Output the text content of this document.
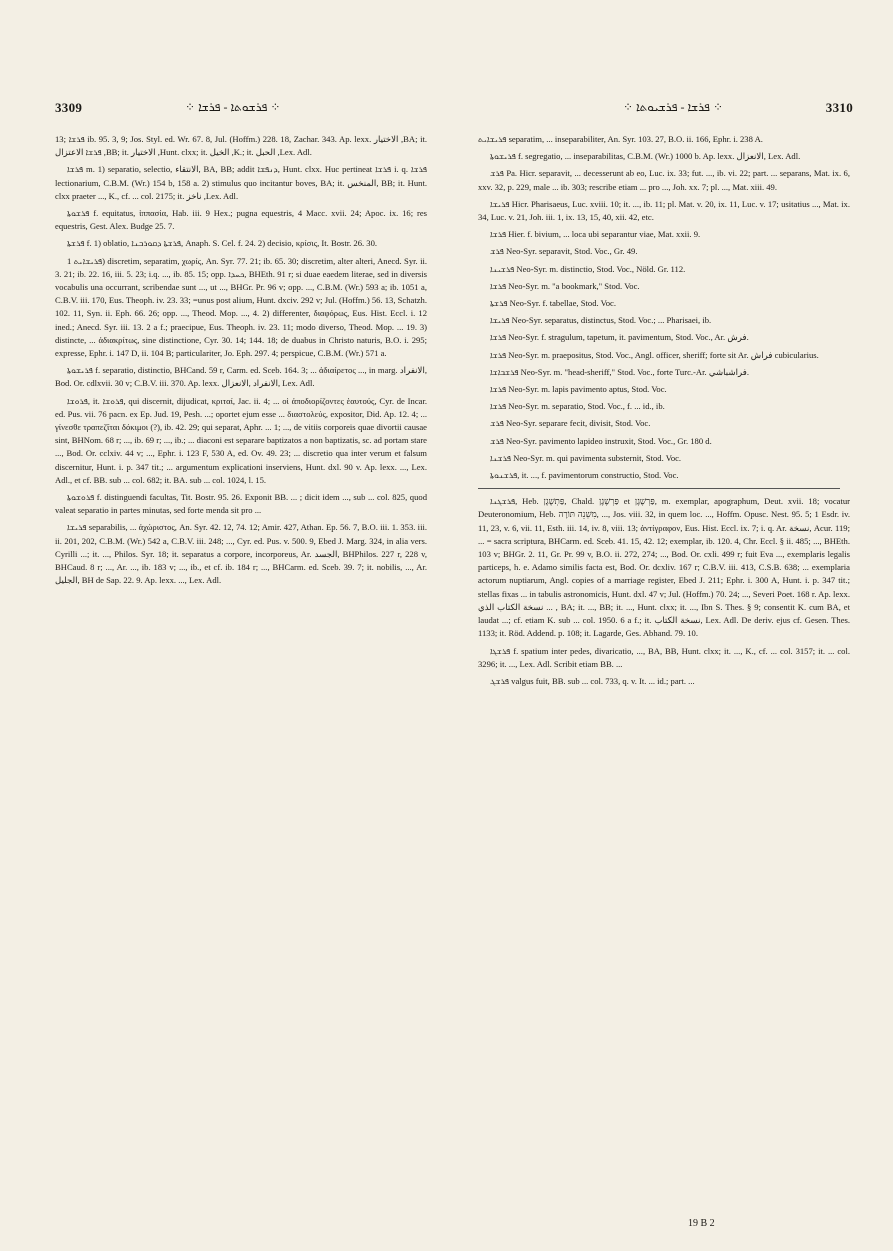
3309	⁘ ܦܪܫܘܬܐ - ܦܪܫܐ ⁘	⁘ ܦܪܫܐ - ܦܪܫܝܘܬܐ ⁘	3310

13; ܦܪܫܐ ib. 95. 3, 9; Jos. Styl. ed. Wr. 67. 8, Jul. (Hoffm.) 228. 18, Zachar. 343. Ap. lexx. الاختيار ,BA; it. ܦܪܫܐ الاعتزال ,BB; it. الاختيار ,Hunt. clxx; it. الخيل ,K.; it. الحبل ,Lex. Adl.

ܦܪܫܐ m. 1) separatio, selectio, الانتقاء, BA, BB; addit ܕܢܦܫܐ, Hunt. clxx. Huc pertineat ܦܪܫܐ i. q. ܦܪܫܐ lectionarium, C.B.M. (Wr.) 154 b, 158 a. 2) stimulus quo incitantur boves, BA; it. المنخس, BB; it. Hunt. clxx praeter ..., K., cf. ... col. 2175; it. ناخز ,Lex. Adl.

ܦܪܫܘܬܐ f. equitatus, ἱππασία, Hab. iii. 9 Hex.; pugna equestris, 4 Macc. xvii. 24; Apoc. ix. 16; res equestris, Gest. Alex. Budge 25. 7.

ܦܪܫܬܐ f. 1) oblatio, ܦܪܫܬܐ ܕܩܘܪܒܢܐ, Anaph. S. Cel. f. 24. 2) decisio, κρίσις, It. Bostr. 26. 30.

ܦܪܝܫܐܝܬ 1) discretim, separatim, χωρίς, An. Syr. 77. 21; ib. 65. 30; discretim, alter alteri, Anecd. Syr. ii. 3. 21; ib. 22. 16, iii. 5. 23; i.q. ..., ib. 85. 15; opp. ܟܚܕܐ, BHEth. 91 r; si duae eaedem literae, sed in diversis vocabulis una occurrant, scribendae sunt ..., ut ..., BHGr. Pr. 96 v; opp. ..., C.B.M. (Wr.) 593 a; ib. 1051 a, C.B.V. iii. 170, Eus. Theoph. iv. 23. 33; =unus post alium, Hunt. dxciv. 292 v; Jul. (Hoffm.) 56. 13, Schatzh. 102. 11, Syn. ii. Eph. 66. 26; opp. ..., Theod. Mop. ..., 4. 2) differenter, διαφόρως, Eus. Hist. Eccl. i. 12 ined.; Anecd. Syr. iii. 13. 2 a f.; praecipue, Eus. Theoph. iv. 23. 11; modo diverso, Theod. Mop. ... 19. 3) distincte, ... ἀδιακρίτως, sine distinctione, Cyr. 30. 14; 144. 18; de duabus in Christo naturis, B.O. i. 295; expresse, Ephr. i. 147 D, ii. 104 B; particulariter, Jo. Eph. 297. 4; perspicue, C.B.M. (Wr.) 571 a.

ܦܪܝܫܘܬܐ f. separatio, distinctio, BHCand. 59 r, Carm. ed. Sceb. 164. 3; ... ἀδιαίρετος ..., in marg. الانفراد, Bod. Or. cdlxvii. 30 v; C.B.V. iii. 370. Ap. lexx. الانفراد ,الانعزال, Lex. Adl.

ܦܪܘܫܐ, it. ܦܪܘܫܐ, qui discernit, dijudicat, κριταί, Jac. ii. 4; ... οἱ ἀποδιορίζοντες ἑαυτούς, Cyr. de Incar. ed. Pus. vii. 76 pacn. ex Ep. Jud. 19, Pesh. ...; oportet ejum esse ... διαστολεύς, expositor, Did. Ap. 12. 4; ... γίνεσθε τραπεζῖται δόκιμοι (?), ib. 42. 29; qui separat, Aphr. ... 1; ..., de vitiis corporeis quae divortii causae sint, BHNom. 68 r; ..., ib. 69 r; ..., ib.; ... diaconi est separare baptizatos a non baptizatis, sc. ad portam stare ..., Bod. Or. cclxiv. 44 v; ..., Ephr. i. 123 F, 530 A, ed. Ov. 49. 23; ... discretio qua inter verum et falsum discernitur, Hunt. i. p. 347 tit.; ... argumentum explicationi inserviens, Hunt. dxl. 90 v. Ap. lexx. ..., Lex. Adl., et cf. BB. sub ... col. 682; it. BA. sub ... col. 1024, l. 15.

ܦܪܘܫܘܬܐ f. distinguendi facultas, Tit. Bostr. 95. 26. Exponit BB. ... ; dicit idem ..., sub ... col. 825, quod valeat separatio in partes minutas, sed forte menda sit pro ...

ܦܪܝܫܐ separabilis, ... ἀχώριστος, An. Syr. 42. 12, 74. 12; Amir. 427, Athan. Ep. 56. 7, B.O. iii. 1. 353. iii. ii. 201, 202, C.B.M. (Wr.) 542 a, C.B.V. iii. 248; ..., Cyr. ed. Pus. v. 500. 9, Ebed J. Marg. 324, in alia vers. Cyrilli ...; it. ..., Philos. Syr. 18; it. separatus a corpore, incorporeus, Ar. الجسد, BHPhilos. 227 r, 228 v, BHCaud. 8 r; ..., Ar. ..., ib. 183 v; ..., ib., et cf. ib. 184 r; ..., BHCarm. ed. Sceb. 39. 7; it. nobilis, ..., Ar. الجليل, BH de Sap. 22. 9. Ap. lexx. ..., Lex. Adl.

ܦܪܝܫܐܝܬ separatim, ... inseparabiliter, An. Syr. 103. 27, B.O. ii. 166, Ephr. i. 238 A.

ܦܪܝܫܘܬܐ f. segregatio, ... inseparabilitas, C.B.M. (Wr.) 1000 b. Ap. lexx. الانعزال, Lex. Adl.

ܦܪܫ Pa. Hicr. separavit, ... decesserunt ab eo, Luc. ix. 33; fut. ..., ib. vi. 22; part. ... separans, Mat. ix. 6, xxv. 32, p. 229, male ... ib. 303; rescribe etiam ... pro ..., Joh. xx. 7; pl. ..., Mat. xiii. 49.

ܦܪܝܫܐ Hicr. Pharisaeus, Luc. xviii. 10; it. ..., ib. 11; pl. Mat. v. 20, ix. 11, Luc. v. 17; usitatius ..., Mat. ix. 34, Luc. v. 21, Joh. iii. 1, ix. 13, 15, 40, xii. 42, etc.

ܦܪܫܐ Hier. f. bivium, ... loca ubi separantur viae, Mat. xxii. 9.

ܦܪܫ Neo-Syr. separavit, Stod. Voc., Gr. 49.

ܦܪܫܝܢܐ Neo-Syr. m. distinctio, Stod. Voc., Nöld. Gr. 112.

ܦܪܫܐ Neo-Syr. m. "a bookmark," Stod. Voc.

ܦܪܫܬܐ Neo-Syr. f. tabellae, Stod. Voc.

ܦܪܝܫܐ Neo-Syr. separatus, distinctus, Stod. Voc.; ... Pharisaei, ib.

ܦܪܫܐ Neo-Syr. f. stragulum, tapetum, it. pavimentum, Stod. Voc., Ar. فرش.

ܦܪܫܐ Neo-Syr. m. praepositus, Stod. Voc., Angl. officer, sheriff; forte sit Ar. فراش cubicularius.

ܦܪܫܒܐܫܐ Neo-Syr. m. "head-sheriff," Stod. Voc., forte Turc.-Ar. فراشباشي.

ܦܪܫܐ Neo-Syr. m. lapis pavimento aptus, Stod. Voc.

ܦܪܫܐ Neo-Syr. m. separatio, Stod. Voc., f. ... id., ib.

ܦܪܫ Neo-Syr. separare fecit, divisit, Stod. Voc.

ܦܪܫ Neo-Syr. pavimento lapideo instruxit, Stod. Voc., Gr. 180 d.

ܦܪܫܢܐ Neo-Syr. m. qui pavimenta substernit, Stod. Voc.

ܦܪܫܢܘܬܐ, it. ..., f. pavimentorum constructio, Stod. Voc.

ܦܪܫܓܢܐ, Heb. פַּתְשֶׁגֶן, Chald. פַּרְשֶׁגֶן et פַּרְשֶׁגֶן, m. exemplar, apographum, Deut. xvii. 18; vocatur Deuteronomium, Heb. מִשְׁנֵה תּוֹרָה, ..., Jos. viii. 32, in quem loc. ..., Hoffm. Opusc. Nest. 95. 5; 1 Esdr. iv. 11, 23, v. 6, vii. 11, Esth. iii. 14, iv. 8, viii. 13; ἀντίγραφον, Eus. Hist. Eccl. ix. 7; i. q. Ar. نسخة, Acur. 119; ... = sacra scriptura, BHCarm. ed. Sceb. 41. 15, 42. 12; exemplar, ib. 120. 4, Chr. Eccl. § ii. 485; ..., BHEth. 103 v; BHGr. 2. 11, Gr. Pr. 99 v, B.O. ii. 272, 274; ..., Bod. Or. cxli. 499 r; fuit Eva ..., exemplaris legalis particeps, h. e. Adamo similis facta est, Bod. Or. dcxliv. 167 r; C.B.V. iii. 413, C.S.B. 638; ... exemplaria actorum nuptiarum, Angl. copies of a marriage register, Ebed J. 211; Ephr. i. 300 A, Hunt. i. p. 347 tit.; stellas fixas ... in tabulis astronomicis, Hunt. dxl. 47 v; Jul. (Hoffm.) 70. 24; ..., Severi Poet. 168 r. Ap. lexx. نسخة الكتاب الذي ... , BA; it. ..., BB; it. ..., Hunt. clxx; it. ..., Ibn S. Thes. § 9; consentit K. cum BA, et laudat ...; cf. etiam K. sub ... col. 1950. 6 a f.; it. نسخة الكتاب, Lex. Adl. De deriv. ejus cf. Gesen. Thes. 1133; it. Röd. Addend. p. 108; it. Lagarde, Ges. Abhand. 79. 10.

ܦܪܫܓܐ f. spatium inter pedes, divaricatio, ..., BA, BB, Hunt. clxx; it. ..., K., cf. ... col. 3157; it. ... col. 3296; it. ..., Lex. Adl. Scribit etiam BB. ...

ܦܪܫܓ valgus fuit, BB. sub ... col. 733, q. v. It. ... id.; part. ...

19 B 2
